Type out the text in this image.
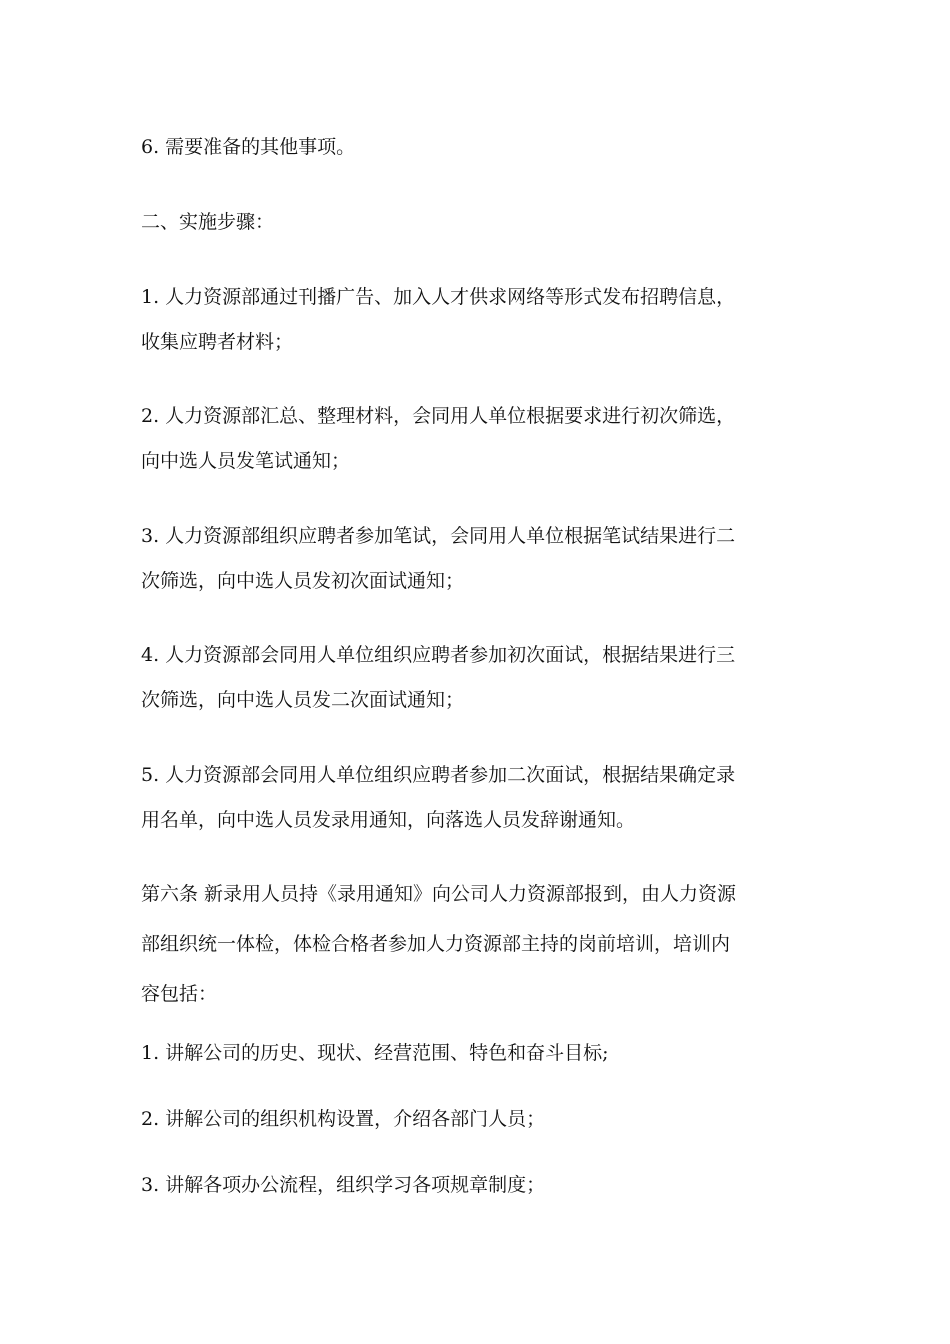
6. 需要准备的其他事项。
二、实施步骤：
1. 人力资源部通过刊播广告、加入人才供求网络等形式发布招聘信息，
收集应聘者材料；
2. 人力资源部汇总、整理材料，会同用人单位根据要求进行初次筛选，
向中选人员发笔试通知；
3. 人力资源部组织应聘者参加笔试，会同用人单位根据笔试结果进行二
次筛选，向中选人员发初次面试通知；
4. 人力资源部会同用人单位组织应聘者参加初次面试，根据结果进行三
次筛选，向中选人员发二次面试通知；
5. 人力资源部会同用人单位组织应聘者参加二次面试，根据结果确定录
用名单，向中选人员发录用通知，向落选人员发辞谢通知。
第六条 新录用人员持《录用通知》向公司人力资源部报到，由人力资源
部组织统一体检，体检合格者参加人力资源部主持的岗前培训，培训内
容包括：
1. 讲解公司的历史、现状、经营范围、特色和奋斗目标;
2. 讲解公司的组织机构设置，介绍各部门人员；
3. 讲解各项办公流程，组织学习各项规章制度；
